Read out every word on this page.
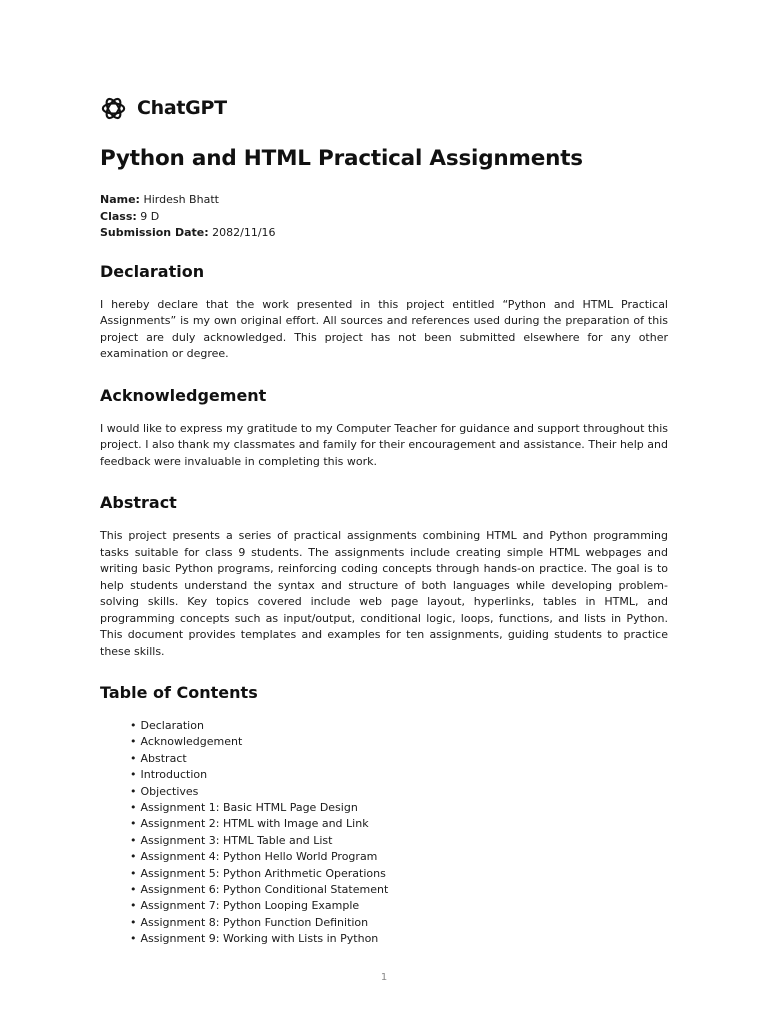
ChatGPT
Python and HTML Practical Assignments
Name: Hirdesh Bhatt
Class: 9 D
Submission Date: 2082/11/16
Declaration

I hereby declare that the work presented in this project entitled “Python and HTML Practical Assignments” is my own original effort. All sources and references used during the preparation of this project are duly acknowledged. This project has not been submitted elsewhere for any other examination or degree.

Acknowledgement

I would like to express my gratitude to my Computer Teacher for guidance and support throughout this project. I also thank my classmates and family for their encouragement and assistance. Their help and feedback were invaluable in completing this work.

Abstract

This project presents a series of practical assignments combining HTML and Python programming tasks suitable for class 9 students. The assignments include creating simple HTML webpages and writing basic Python programs, reinforcing coding concepts through hands-on practice. The goal is to help students understand the syntax and structure of both languages while developing problem-solving skills. Key topics covered include web page layout, hyperlinks, tables in HTML, and programming concepts such as input/output, conditional logic, loops, functions, and lists in Python. This document provides templates and examples for ten assignments, guiding students to practice these skills.

Table of Contents
• Declaration
• Acknowledgement
• Abstract
• Introduction
• Objectives
• Assignment 1: Basic HTML Page Design
• Assignment 2: HTML with Image and Link
• Assignment 3: HTML Table and List
• Assignment 4: Python Hello World Program
• Assignment 5: Python Arithmetic Operations
• Assignment 6: Python Conditional Statement
• Assignment 7: Python Looping Example
• Assignment 8: Python Function Definition
• Assignment 9: Working with Lists in Python
1
